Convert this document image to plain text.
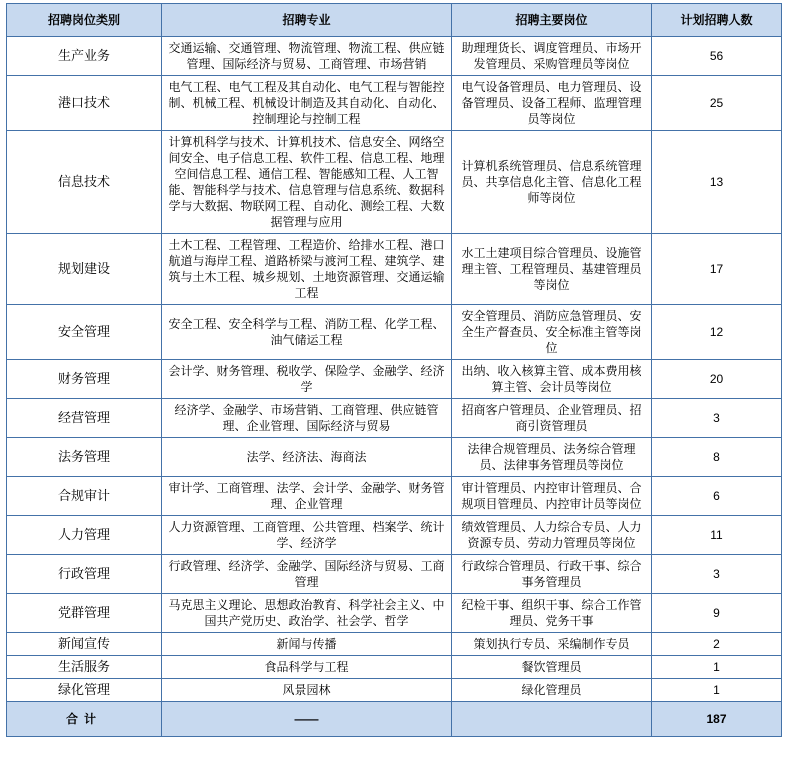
招聘岗位类别	招聘专业	招聘主要岗位	计划招聘人数
生产业务	交通运输、交通管理、物流管理、物流工程、供应链管理、国际经济与贸易、工商管理、市场营销	助理理货长、调度管理员、市场开发管理员、采购管理员等岗位	56
港口技术	电气工程、电气工程及其自动化、电气工程与智能控制、机械工程、机械设计制造及其自动化、自动化、控制理论与控制工程	电气设备管理员、电力管理员、设备管理员、设备工程师、监理管理员等岗位	25
信息技术	计算机科学与技术、计算机技术、信息安全、网络空间安全、电子信息工程、软件工程、信息工程、地理空间信息工程、通信工程、智能感知工程、人工智能、智能科学与技术、信息管理与信息系统、数据科学与大数据、物联网工程、自动化、测绘工程、大数据管理与应用	计算机系统管理员、信息系统管理员、共享信息化主管、信息化工程师等岗位	13
规划建设	土木工程、工程管理、工程造价、给排水工程、港口航道与海岸工程、道路桥梁与渡河工程、建筑学、建筑与土木工程、城乡规划、土地资源管理、交通运输工程	水工土建项目综合管理员、设施管理主管、工程管理员、基建管理员等岗位	17
安全管理	安全工程、安全科学与工程、消防工程、化学工程、油气储运工程	安全管理员、消防应急管理员、安全生产督查员、安全标准主管等岗位	12
财务管理	会计学、财务管理、税收学、保险学、金融学、经济学	出纳、收入核算主管、成本费用核算主管、会计员等岗位	20
经营管理	经济学、金融学、市场营销、工商管理、供应链管理、企业管理、国际经济与贸易	招商客户管理员、企业管理员、招商引资管理员	3
法务管理	法学、经济法、海商法	法律合规管理员、法务综合管理员、法律事务管理员等岗位	8
合规审计	审计学、工商管理、法学、会计学、金融学、财务管理、企业管理	审计管理员、内控审计管理员、合规项目管理员、内控审计员等岗位	6
人力管理	人力资源管理、工商管理、公共管理、档案学、统计学、经济学	绩效管理员、人力综合专员、人力资源专员、劳动力管理员等岗位	11
行政管理	行政管理、经济学、金融学、国际经济与贸易、工商管理	行政综合管理员、行政干事、综合事务管理员	3
党群管理	马克思主义理论、思想政治教育、科学社会主义、中国共产党历史、政治学、社会学、哲学	纪检干事、组织干事、综合工作管理员、党务干事	9
新闻宣传	新闻与传播	策划执行专员、采编制作专员	2
生活服务	食品科学与工程	餐饮管理员	1
绿化管理	风景园林	绿化管理员	1
合计	——		187
